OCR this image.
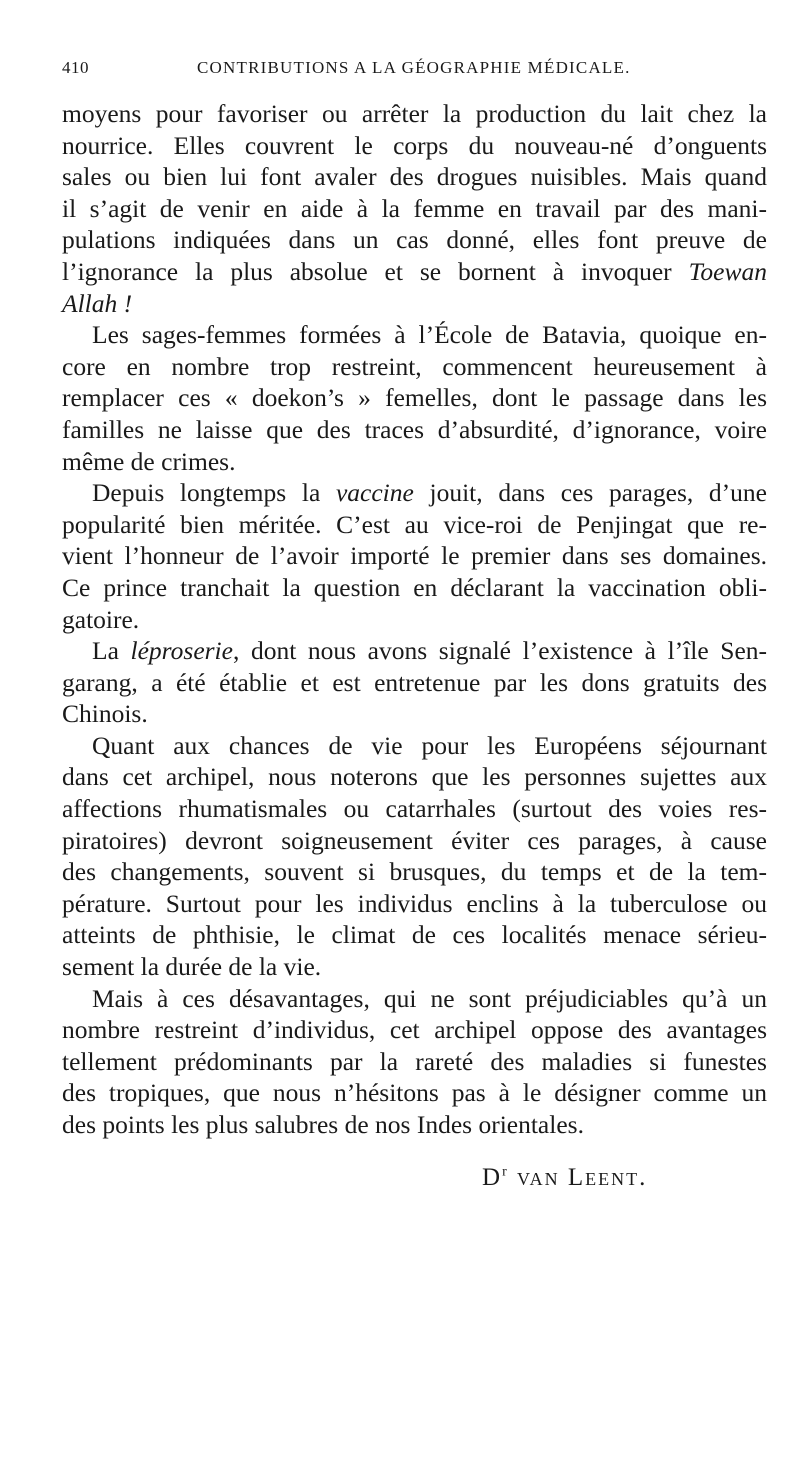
410	CONTRIBUTIONS A LA GÉOGRAPHIE MÉDICALE.
moyens pour favoriser ou arrêter la production du lait chez la
nourrice. Elles couvrent le corps du nouveau-né d’onguents
sales ou bien lui font avaler des drogues nuisibles. Mais quand
il s’agit de venir en aide à la femme en travail par des mani-
pulations indiquées dans un cas donné, elles font preuve de
l’ignorance la plus absolue et se bornent à invoquer Toewan
Allah !
Les sages-femmes formées à l’École de Batavia, quoique en-
core en nombre trop restreint, commencent heureusement à
remplacer ces « doekon’s » femelles, dont le passage dans les
familles ne laisse que des traces d’absurdité, d’ignorance, voire
même de crimes.
Depuis longtemps la vaccine jouit, dans ces parages, d’une
popularité bien méritée. C’est au vice-roi de Penjingat que re-
vient l’honneur de l’avoir importé le premier dans ses domaines.
Ce prince tranchait la question en déclarant la vaccination obli-
gatoire.
La léproserie, dont nous avons signalé l’existence à l’île Sen-
garang, a été établie et est entretenue par les dons gratuits des
Chinois.
Quant aux chances de vie pour les Européens séjournant
dans cet archipel, nous noterons que les personnes sujettes aux
affections rhumatismales ou catarrhales (surtout des voies res-
piratoires) devront soigneusement éviter ces parages, à cause
des changements, souvent si brusques, du temps et de la tem-
pérature. Surtout pour les individus enclins à la tuberculose ou
atteints de phthisie, le climat de ces localités menace sérieu-
sement la durée de la vie.
Mais à ces désavantages, qui ne sont préjudiciables qu’à un
nombre restreint d’individus, cet archipel oppose des avantages
tellement prédominants par la rareté des maladies si funestes
des tropiques, que nous n’hésitons pas à le désigner comme un
des points les plus salubres de nos Indes orientales.
$D^r$ van Leent.
